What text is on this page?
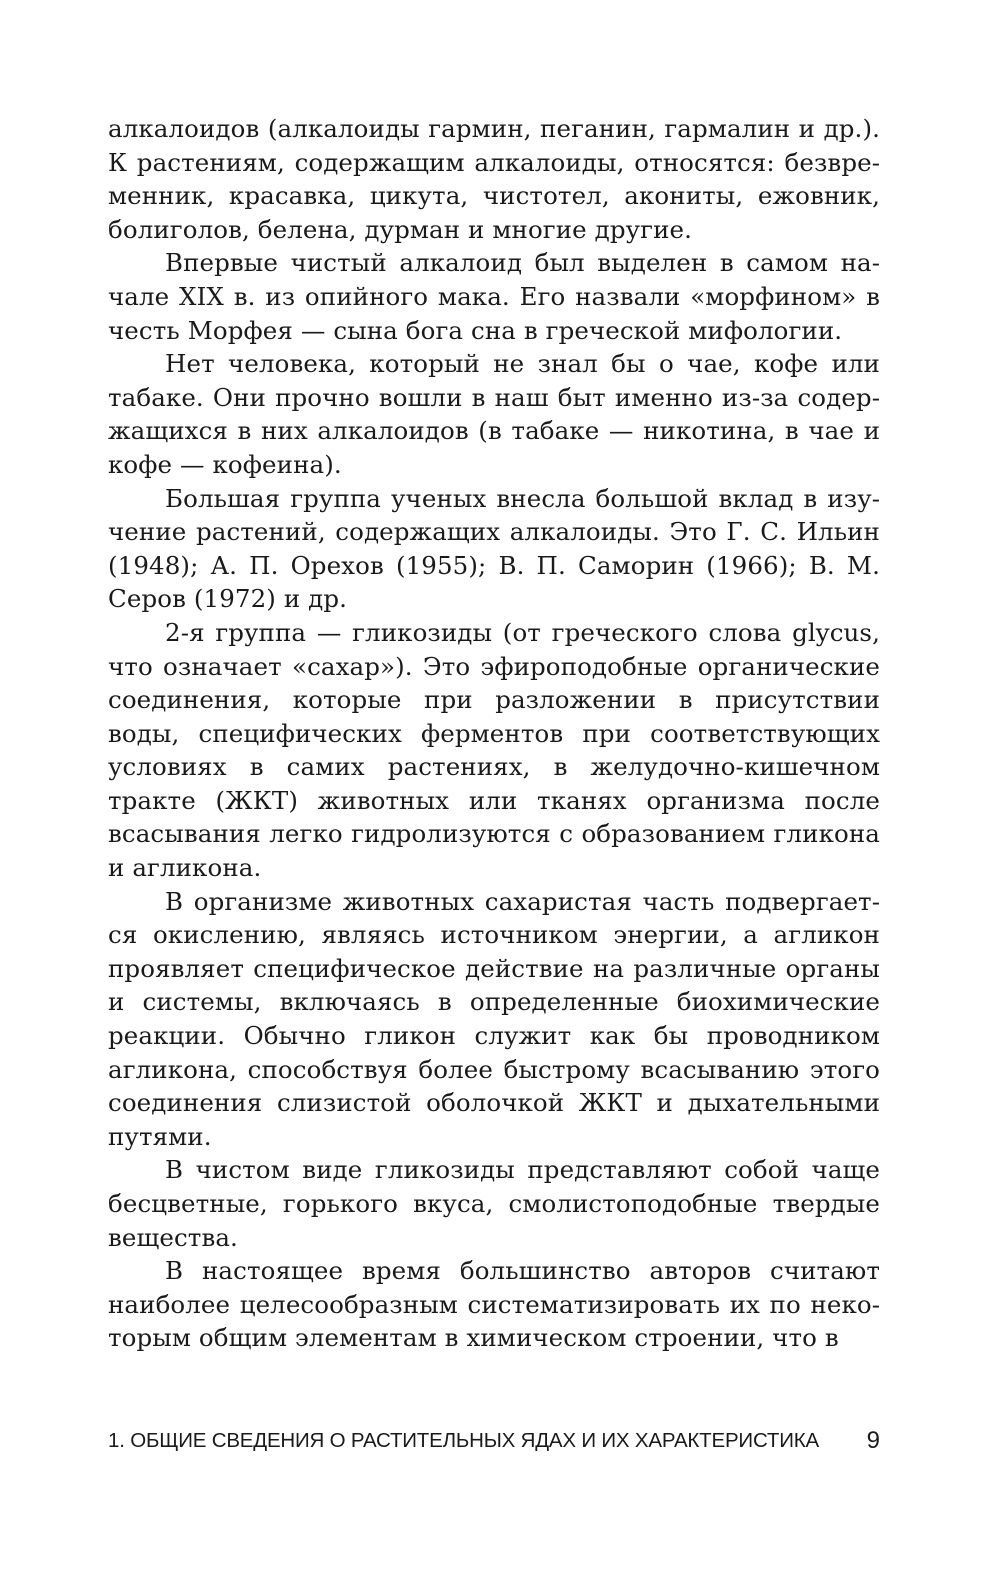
алкалоидов (алкалоиды гармин, пеганин, гармалин и др.). К растениям, содержащим алкалоиды, относятся: безвременник, красавка, цикута, чистотел, акониты, ежовник, болиголов, белена, дурман и многие другие.

Впервые чистый алкалоид был выделен в самом начале XIX в. из опийного мака. Его назвали «морфином» в честь Морфея — сына бога сна в греческой мифологии.

Нет человека, который не знал бы о чае, кофе или табаке. Они прочно вошли в наш быт именно из-за содержащихся в них алкалоидов (в табаке — никотина, в чае и кофе — кофеина).

Большая группа ученых внесла большой вклад в изучение растений, содержащих алкалоиды. Это Г. С. Ильин (1948); А. П. Орехов (1955); В. П. Саморин (1966); В. М. Серов (1972) и др.

2-я группа — гликозиды (от греческого слова glycus, что означает «сахар»). Это эфироподобные органические соединения, которые при разложении в присутствии воды, специфических ферментов при соответствующих условиях в самих растениях, в желудочно-кишечном тракте (ЖКТ) животных или тканях организма после всасывания легко гидролизуются с образованием гликона и агликона.

В организме животных сахаристая часть подвергается окислению, являясь источником энергии, а агликон проявляет специфическое действие на различные органы и системы, включаясь в определенные биохимические реакции. Обычно гликон служит как бы проводником агликона, способствуя более быстрому всасыванию этого соединения слизистой оболочкой ЖКТ и дыхательными путями.

В чистом виде гликозиды представляют собой чаще бесцветные, горького вкуса, смолистоподобные твердые вещества.

В настоящее время большинство авторов считают наиболее целесообразным систематизировать их по некоторым общим элементам в химическом строении, что в

1. ОБЩИЕ СВЕДЕНИЯ О РАСТИТЕЛЬНЫХ ЯДАХ И ИХ ХАРАКТЕРИСТИКА 9
